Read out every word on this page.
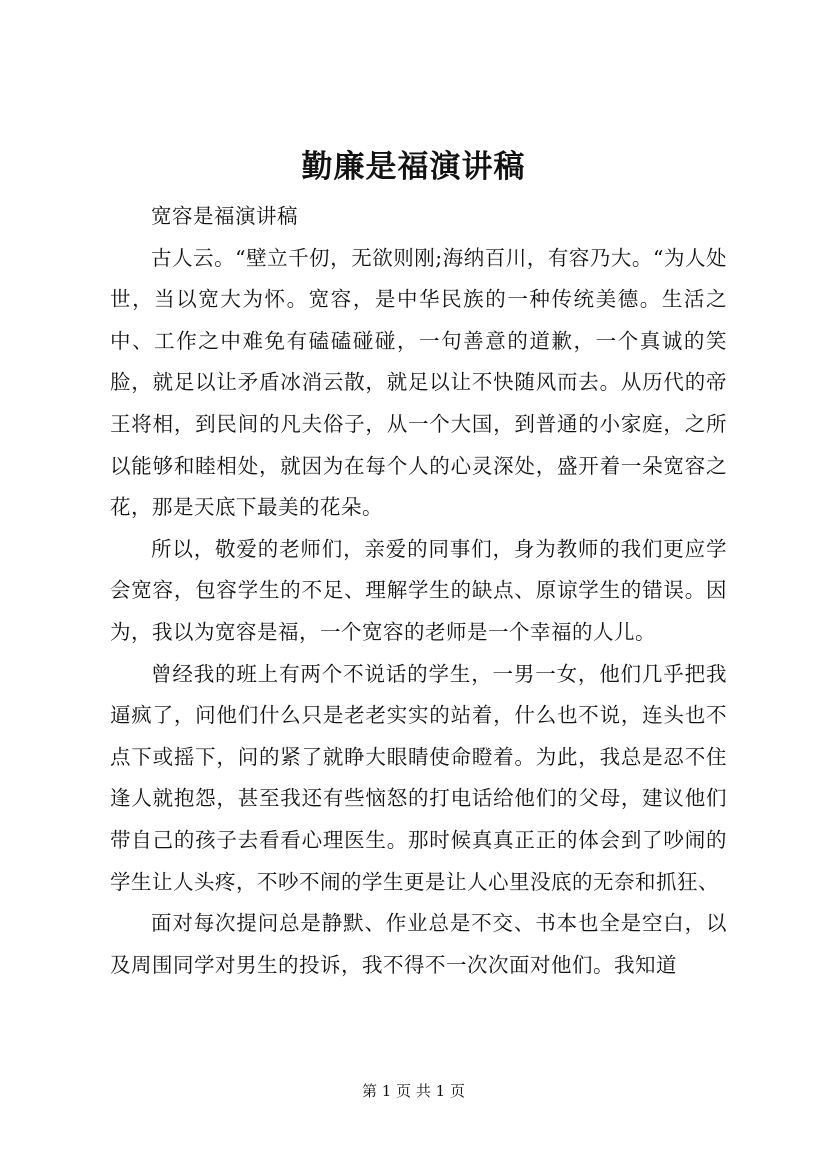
勤廉是福演讲稿

宽容是福演讲稿

古人云。“壁立千仞，无欲则刚;海纳百川，有容乃大。“为人处世，当以宽大为怀。宽容，是中华民族的一种传统美德。生活之中、工作之中难免有磕磕碰碰，一句善意的道歉，一个真诚的笑脸，就足以让矛盾冰消云散，就足以让不快随风而去。从历代的帝王将相，到民间的凡夫俗子，从一个大国，到普通的小家庭，之所以能够和睦相处，就因为在每个人的心灵深处，盛开着一朵宽容之花，那是天底下最美的花朵。

所以，敬爱的老师们，亲爱的同事们，身为教师的我们更应学会宽容，包容学生的不足、理解学生的缺点、原谅学生的错误。因为，我以为宽容是福，一个宽容的老师是一个幸福的人儿。

曾经我的班上有两个不说话的学生，一男一女，他们几乎把我逼疯了，问他们什么只是老老实实的站着，什么也不说，连头也不点下或摇下，问的紧了就睁大眼睛使命瞪着。为此，我总是忍不住逢人就抱怨，甚至我还有些恼怒的打电话给他们的父母，建议他们带自己的孩子去看看心理医生。那时候真真正正的体会到了吵闹的学生让人头疼，不吵不闹的学生更是让人心里没底的无奈和抓狂、

面对每次提问总是静默、作业总是不交、书本也全是空白，以及周围同学对男生的投诉，我不得不一次次面对他们。我知道

第 1 页 共 1 页
